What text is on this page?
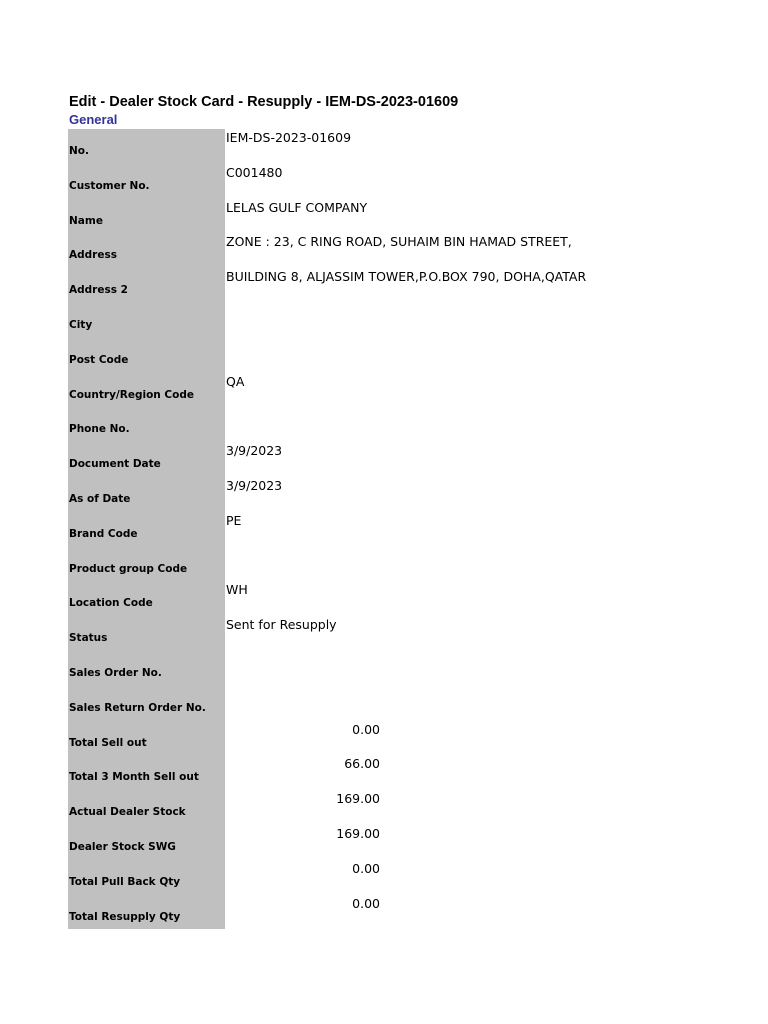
Edit - Dealer Stock Card - Resupply - IEM-DS-2023-01609
General
No.
IEM-DS-2023-01609
Customer No.
C001480
Name
LELAS GULF COMPANY
Address
ZONE : 23, C RING ROAD, SUHAIM BIN HAMAD STREET,
Address 2
BUILDING 8, ALJASSIM TOWER,P.O.BOX 790, DOHA,QATAR
City
Post Code
Country/Region Code
QA
Phone No.
Document Date
3/9/2023
As of Date
3/9/2023
Brand Code
PE
Product group Code
Location Code
WH
Status
Sent for Resupply
Sales Order No.
Sales Return Order No.
Total Sell out
0.00
Total 3 Month Sell out
66.00
Actual Dealer Stock
169.00
Dealer Stock SWG
169.00
Total Pull Back Qty
0.00
Total Resupply Qty
0.00
